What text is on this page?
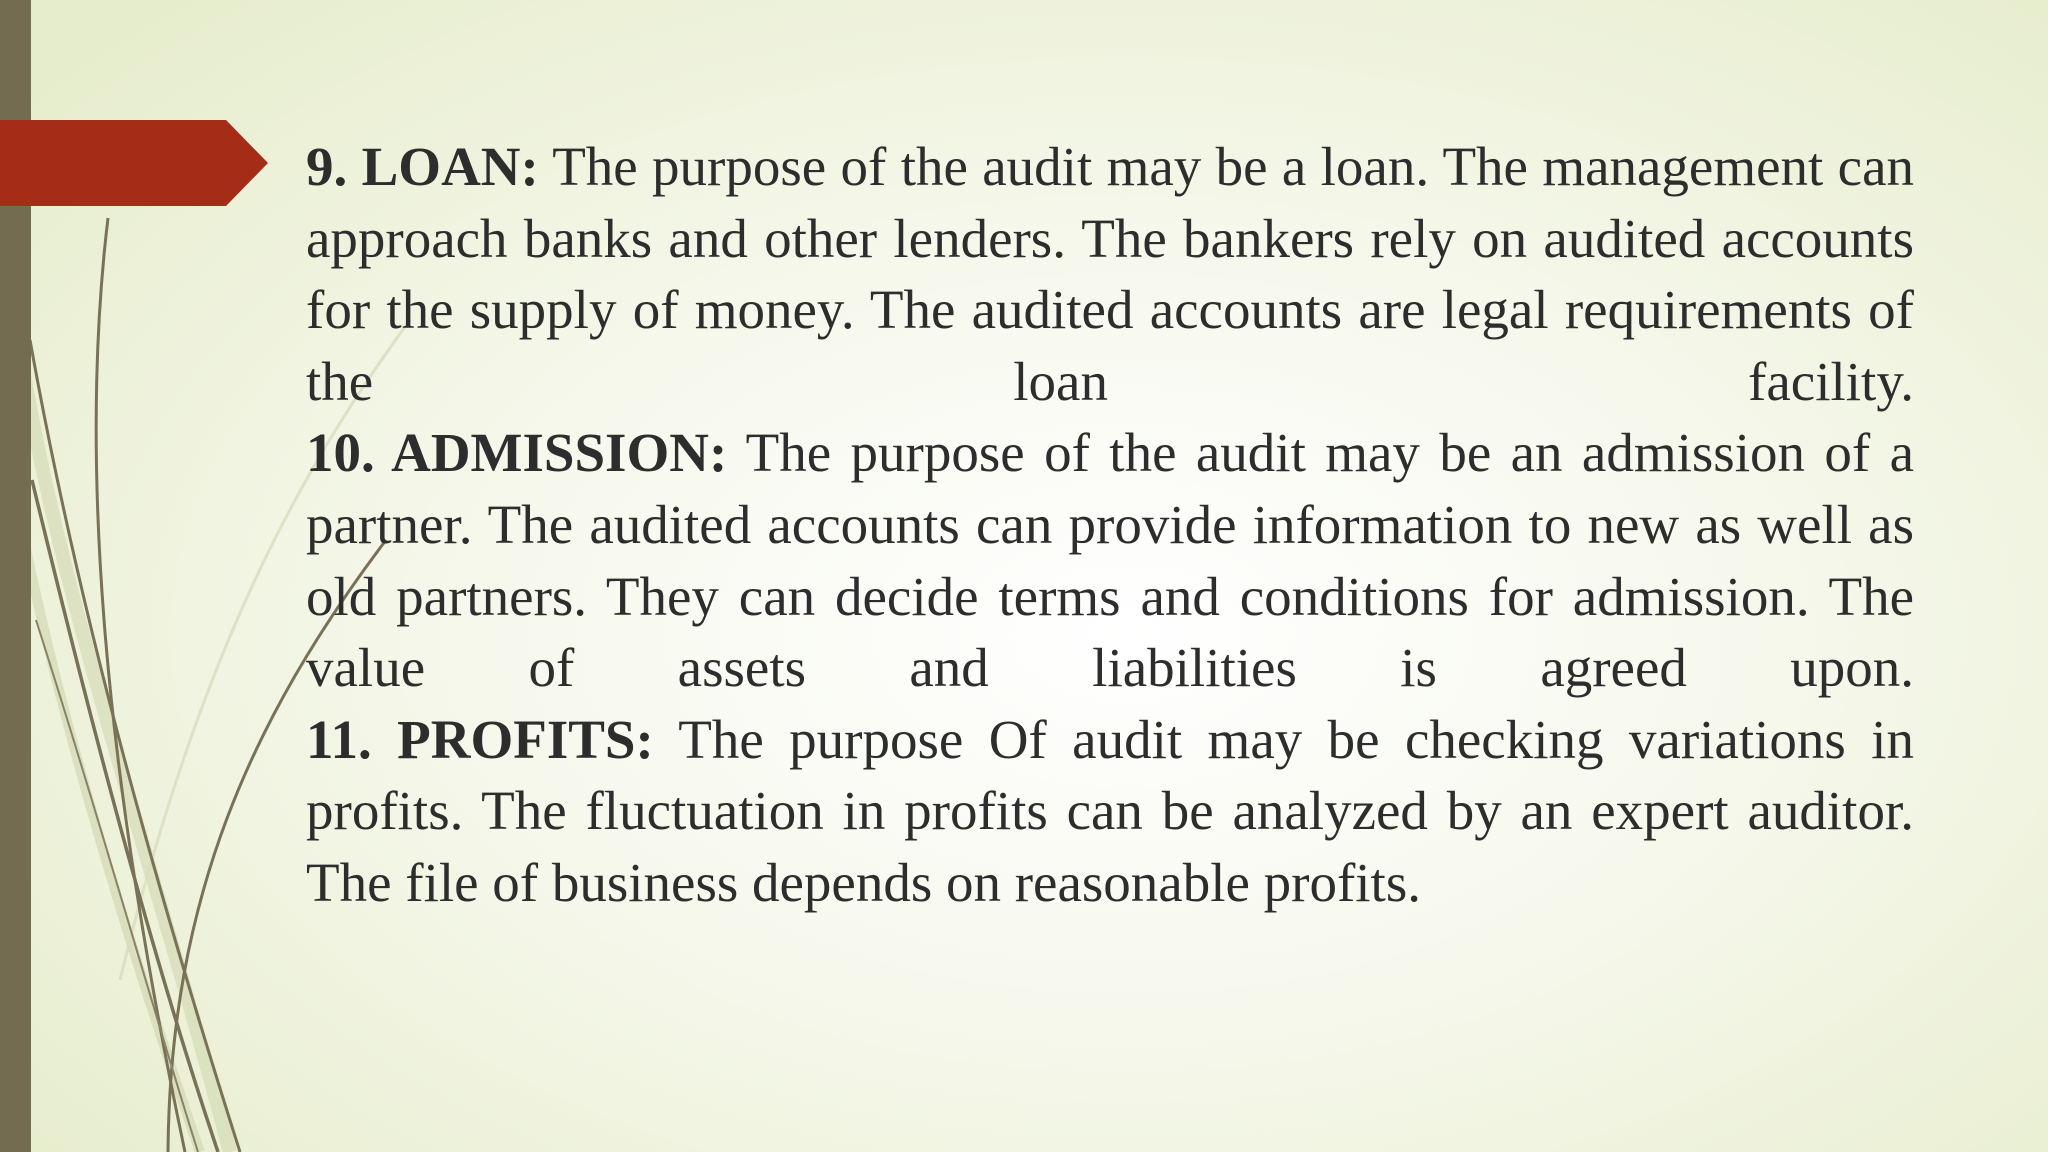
9. LOAN: The purpose of the audit may be a loan. The management can approach banks and other lenders. The bankers rely on audited accounts for the supply of money. The audited accounts are legal requirements of the loan facility.
10. ADMISSION: The purpose of the audit may be an admission of a partner. The audited accounts can provide information to new as well as old partners. They can decide terms and conditions for admission. The value of assets and liabilities is agreed upon.
11. PROFITS: The purpose Of audit may be checking variations in profits. The fluctuation in profits can be analyzed by an expert auditor. The file of business depends on reasonable profits.
